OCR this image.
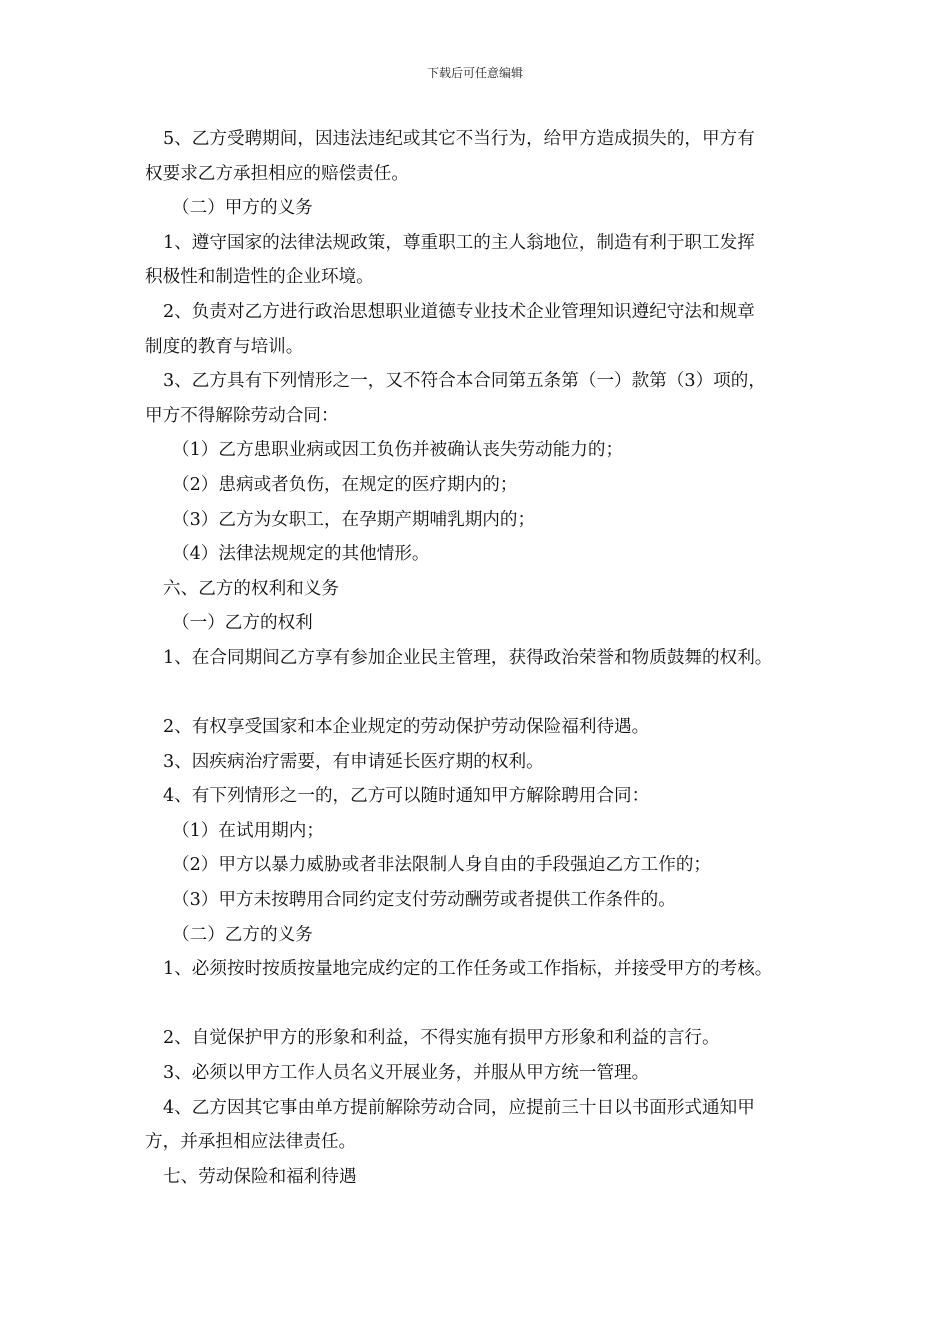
下载后可任意编辑
5、乙方受聘期间，因违法违纪或其它不当行为，给甲方造成损失的，甲方有
权要求乙方承担相应的赔偿责任。
（二）甲方的义务
1、遵守国家的法律法规政策，尊重职工的主人翁地位，制造有利于职工发挥
积极性和制造性的企业环境。
2、负责对乙方进行政治思想职业道德专业技术企业管理知识遵纪守法和规章
制度的教育与培训。
3、乙方具有下列情形之一，又不符合本合同第五条第（一）款第（3）项的，
甲方不得解除劳动合同：
（1）乙方患职业病或因工负伤并被确认丧失劳动能力的；
（2）患病或者负伤，在规定的医疗期内的；
（3）乙方为女职工，在孕期产期哺乳期内的；
（4）法律法规规定的其他情形。
六、乙方的权利和义务
（一）乙方的权利
1、在合同期间乙方享有参加企业民主管理，获得政治荣誉和物质鼓舞的权利。
2、有权享受国家和本企业规定的劳动保护劳动保险福利待遇。
3、因疾病治疗需要，有申请延长医疗期的权利。
4、有下列情形之一的，乙方可以随时通知甲方解除聘用合同：
（1）在试用期内；
（2）甲方以暴力威胁或者非法限制人身自由的手段强迫乙方工作的；
（3）甲方未按聘用合同约定支付劳动酬劳或者提供工作条件的。
（二）乙方的义务
1、必须按时按质按量地完成约定的工作任务或工作指标，并接受甲方的考核。
2、自觉保护甲方的形象和利益，不得实施有损甲方形象和利益的言行。
3、必须以甲方工作人员名义开展业务，并服从甲方统一管理。
4、乙方因其它事由单方提前解除劳动合同，应提前三十日以书面形式通知甲
方，并承担相应法律责任。
七、劳动保险和福利待遇
